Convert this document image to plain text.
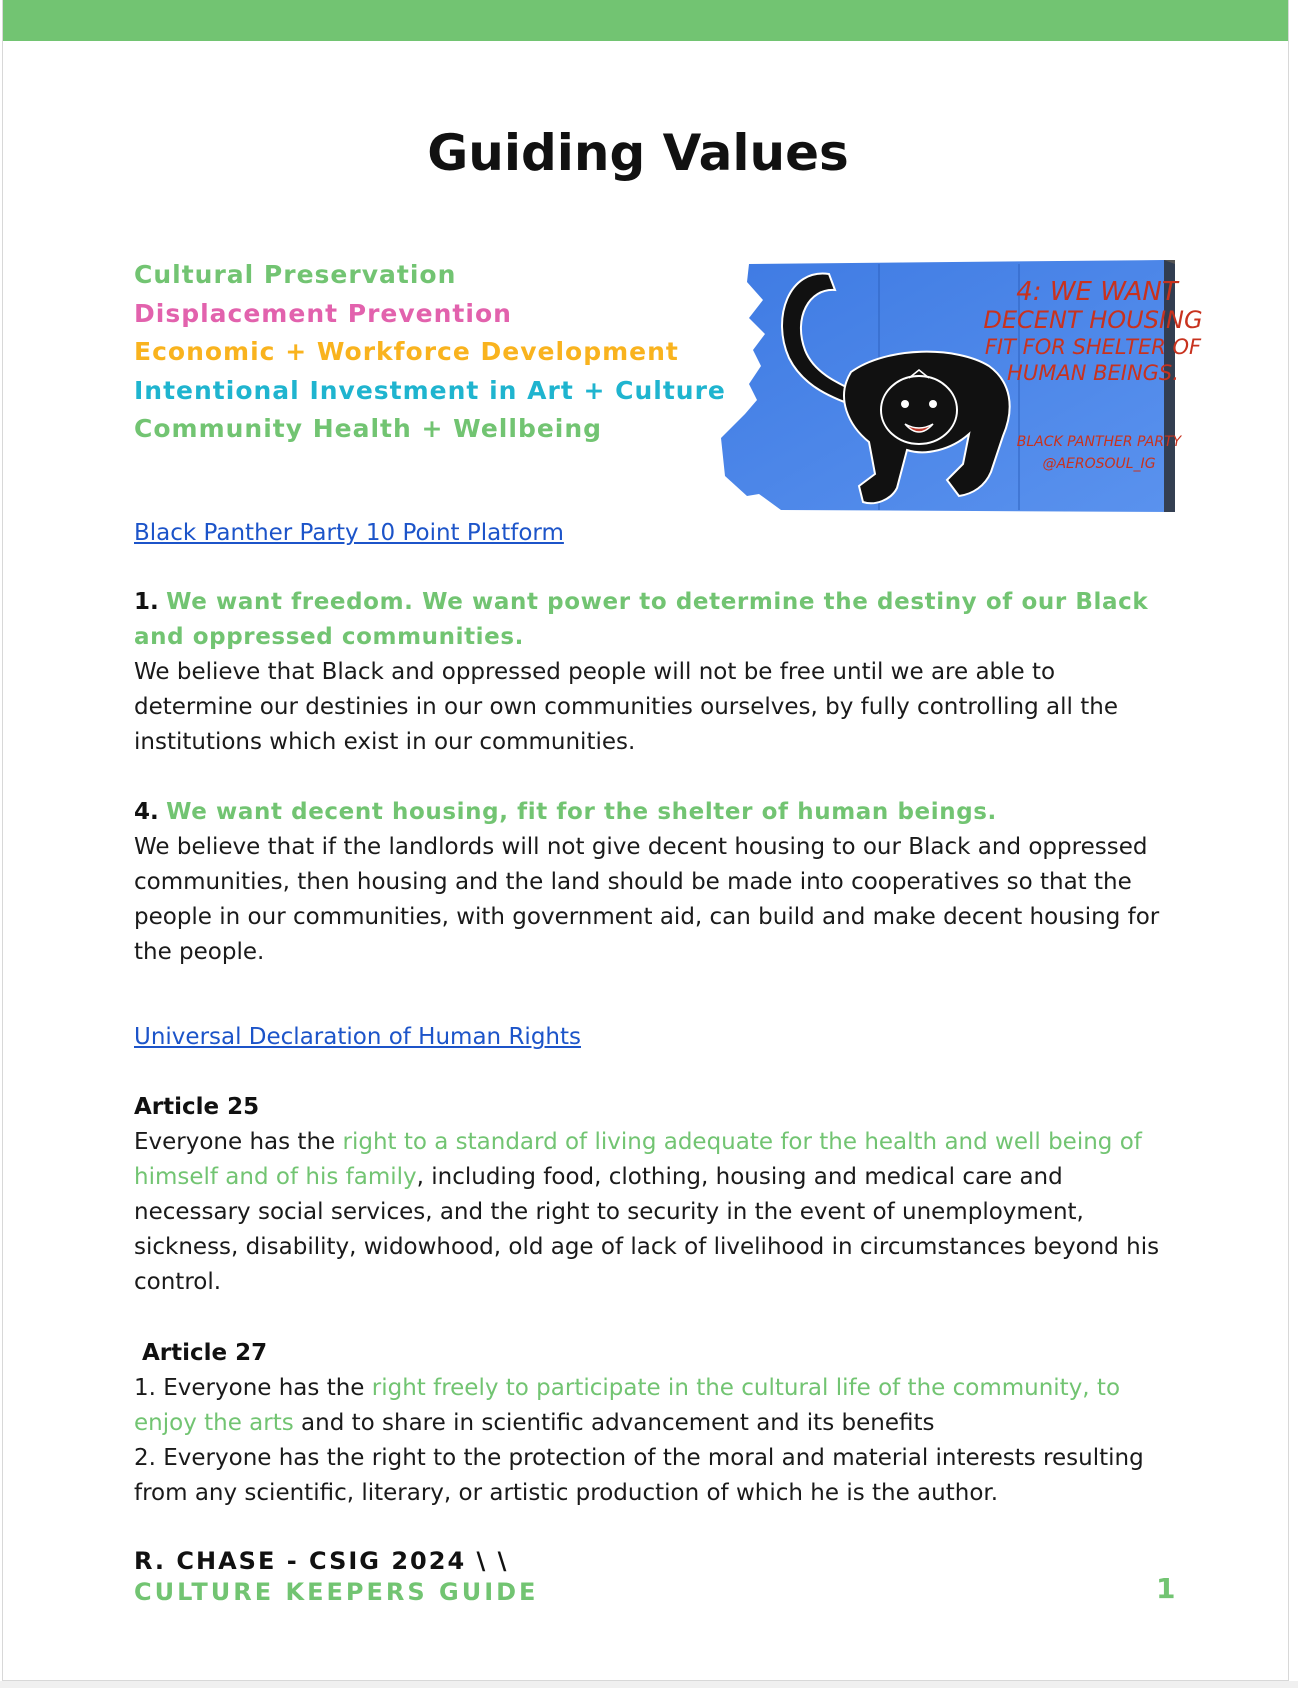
Guiding Values
Cultural Preservation
Displacement Prevention
Economic + Workforce Development
Intentional Investment in Art + Culture
Community Health + Wellbeing
4: WE WANT
DECENT HOUSING
FIT FOR SHELTER OF
HUMAN BEINGS.
BLACK PANTHER PARTY
@AEROSOUL_IG
Black Panther Party 10 Point Platform
1. We want freedom. We want power to determine the destiny of our Black and oppressed communities.
We believe that Black and oppressed people will not be free until we are able to determine our destinies in our own communities ourselves, by fully controlling all the institutions which exist in our communities.
4. We want decent housing, fit for the shelter of human beings.
We believe that if the landlords will not give decent housing to our Black and oppressed communities, then housing and the land should be made into cooperatives so that the people in our communities, with government aid, can build and make decent housing for the people.
Universal Declaration of Human Rights
Article 25
Everyone has the right to a standard of living adequate for the health and well being of himself and of his family, including food, clothing, housing and medical care and necessary social services, and the right to security in the event of unemployment, sickness, disability, widowhood, old age of lack of livelihood in circumstances beyond his control.
Article 27
1. Everyone has the right freely to participate in the cultural life of the community, to enjoy the arts and to share in scientific advancement and its benefits
2. Everyone has the right to the protection of the moral and material interests resulting from any scientific, literary, or artistic production of which he is the author.
R. CHASE - CSIG 2024 \ \
CULTURE KEEPERS GUIDE	1
